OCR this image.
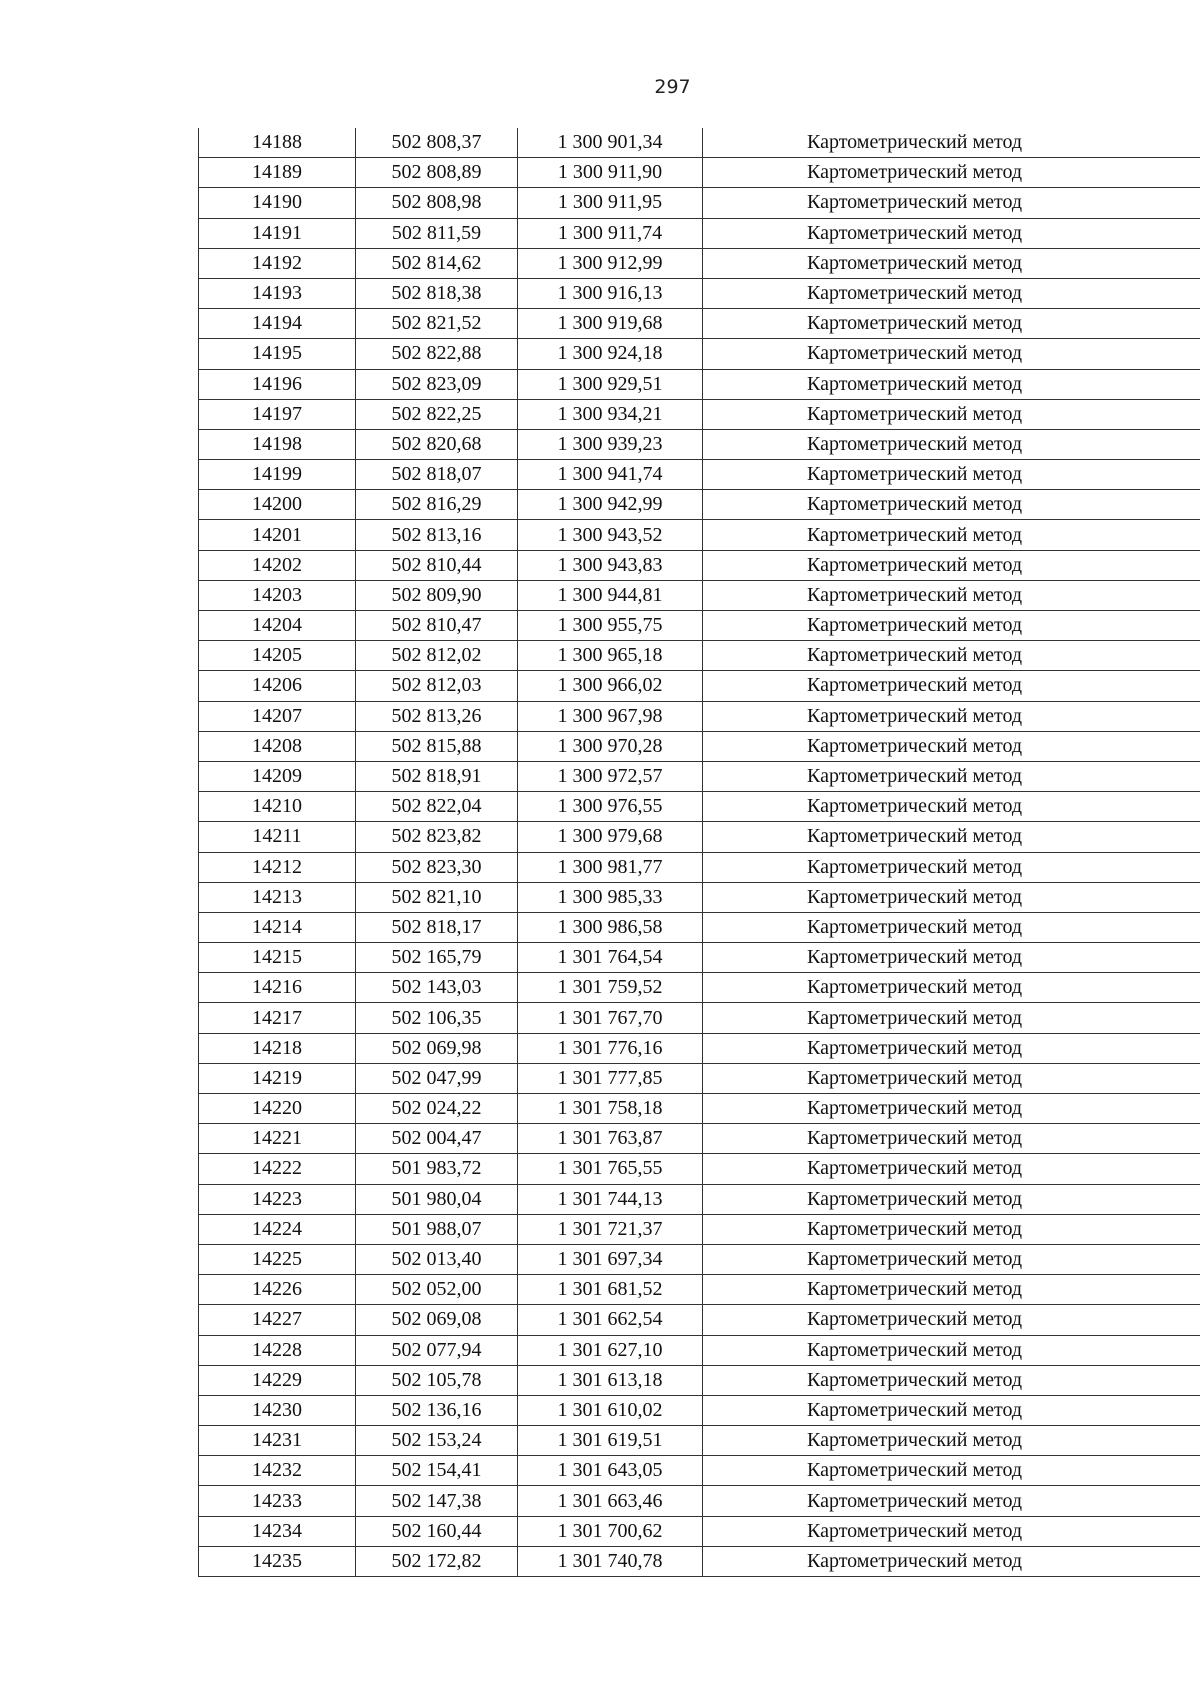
297
14188	502 808,37	1 300 901,34	Картометрический метод
14189	502 808,89	1 300 911,90	Картометрический метод
14190	502 808,98	1 300 911,95	Картометрический метод
14191	502 811,59	1 300 911,74	Картометрический метод
14192	502 814,62	1 300 912,99	Картометрический метод
14193	502 818,38	1 300 916,13	Картометрический метод
14194	502 821,52	1 300 919,68	Картометрический метод
14195	502 822,88	1 300 924,18	Картометрический метод
14196	502 823,09	1 300 929,51	Картометрический метод
14197	502 822,25	1 300 934,21	Картометрический метод
14198	502 820,68	1 300 939,23	Картометрический метод
14199	502 818,07	1 300 941,74	Картометрический метод
14200	502 816,29	1 300 942,99	Картометрический метод
14201	502 813,16	1 300 943,52	Картометрический метод
14202	502 810,44	1 300 943,83	Картометрический метод
14203	502 809,90	1 300 944,81	Картометрический метод
14204	502 810,47	1 300 955,75	Картометрический метод
14205	502 812,02	1 300 965,18	Картометрический метод
14206	502 812,03	1 300 966,02	Картометрический метод
14207	502 813,26	1 300 967,98	Картометрический метод
14208	502 815,88	1 300 970,28	Картометрический метод
14209	502 818,91	1 300 972,57	Картометрический метод
14210	502 822,04	1 300 976,55	Картометрический метод
14211	502 823,82	1 300 979,68	Картометрический метод
14212	502 823,30	1 300 981,77	Картометрический метод
14213	502 821,10	1 300 985,33	Картометрический метод
14214	502 818,17	1 300 986,58	Картометрический метод
14215	502 165,79	1 301 764,54	Картометрический метод
14216	502 143,03	1 301 759,52	Картометрический метод
14217	502 106,35	1 301 767,70	Картометрический метод
14218	502 069,98	1 301 776,16	Картометрический метод
14219	502 047,99	1 301 777,85	Картометрический метод
14220	502 024,22	1 301 758,18	Картометрический метод
14221	502 004,47	1 301 763,87	Картометрический метод
14222	501 983,72	1 301 765,55	Картометрический метод
14223	501 980,04	1 301 744,13	Картометрический метод
14224	501 988,07	1 301 721,37	Картометрический метод
14225	502 013,40	1 301 697,34	Картометрический метод
14226	502 052,00	1 301 681,52	Картометрический метод
14227	502 069,08	1 301 662,54	Картометрический метод
14228	502 077,94	1 301 627,10	Картометрический метод
14229	502 105,78	1 301 613,18	Картометрический метод
14230	502 136,16	1 301 610,02	Картометрический метод
14231	502 153,24	1 301 619,51	Картометрический метод
14232	502 154,41	1 301 643,05	Картометрический метод
14233	502 147,38	1 301 663,46	Картометрический метод
14234	502 160,44	1 301 700,62	Картометрический метод
14235	502 172,82	1 301 740,78	Картометрический метод
